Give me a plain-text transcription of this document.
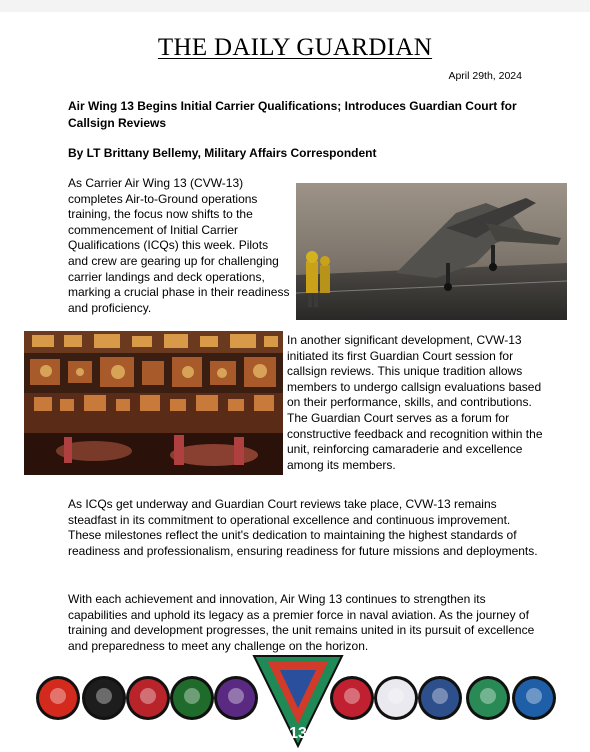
THE DAILY GUARDIAN
April 29th, 2024
Air Wing 13 Begins Initial Carrier Qualifications; Introduces Guardian Court for Callsign Reviews
By LT Brittany Bellemy, Military Affairs Correspondent
As Carrier Air Wing 13 (CVW-13) completes Air-to-Ground operations training, the focus now shifts to the commencement of Initial Carrier Qualifications (ICQs) this week. Pilots and crew are gearing up for challenging carrier landings and deck operations, marking a crucial phase in their readiness and proficiency.
In another significant development, CVW-13 initiated its first Guardian Court session for callsign reviews. This unique tradition allows members to undergo callsign evaluations based on their performance, skills, and contributions. The Guardian Court serves as a forum for constructive feedback and recognition within the unit, reinforcing camaraderie and excellence among its members.
As ICQs get underway and Guardian Court reviews take place, CVW-13 remains steadfast in its commitment to operational excellence and continuous improvement. These milestones reflect the unit's dedication to maintaining the highest standards of readiness and professionalism, ensuring readiness for future missions and deployments.
With each achievement and innovation, Air Wing 13 continues to strengthen its capabilities and uphold its legacy as a premier force in naval aviation. As the journey of training and development progresses, the unit remains united in its pursuit of excellence and preparedness to meet any challenge on the horizon.
13
